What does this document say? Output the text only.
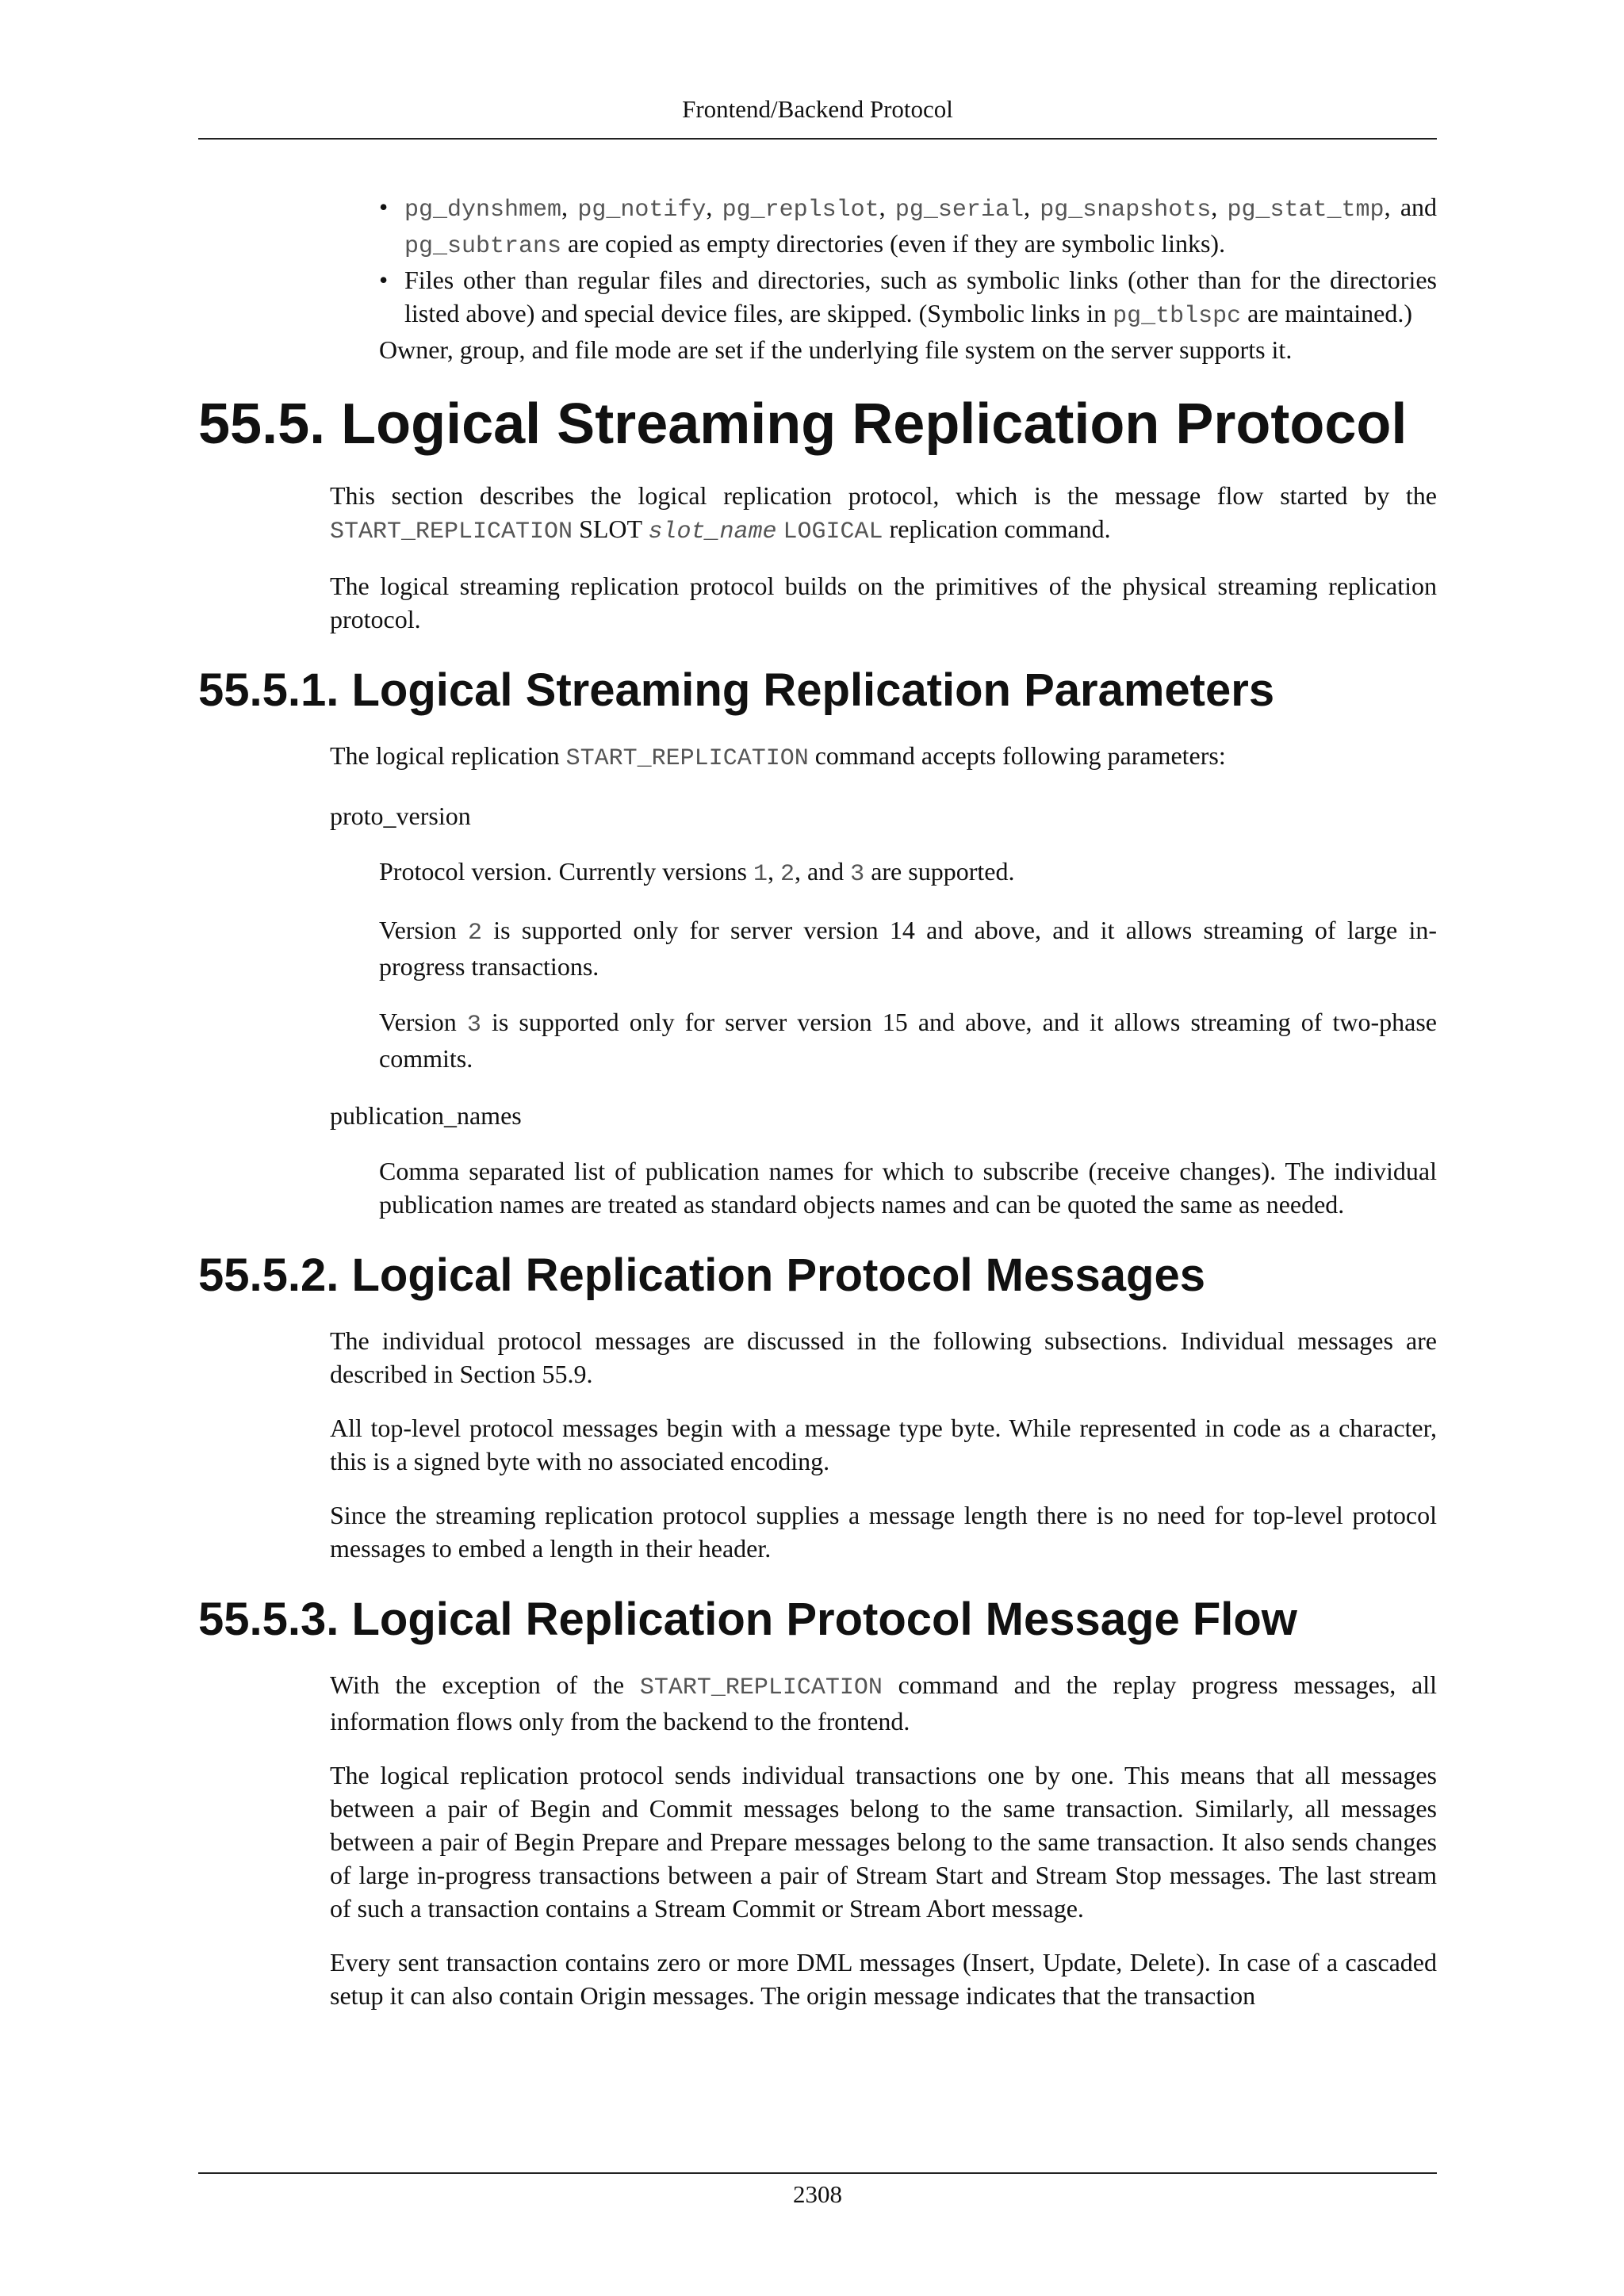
Frontend/Backend Protocol
• pg_dynshmem, pg_notify, pg_replslot, pg_serial, pg_snapshots, pg_stat_tmp, and pg_subtrans are copied as empty directories (even if they are symbolic links).
• Files other than regular files and directories, such as symbolic links (other than for the directories listed above) and special device files, are skipped. (Symbolic links in pg_tblspc are maintained.)
Owner, group, and file mode are set if the underlying file system on the server supports it.
55.5. Logical Streaming Replication Protocol
This section describes the logical replication protocol, which is the message flow started by the START_REPLICATION SLOT slot_name LOGICAL replication command.
The logical streaming replication protocol builds on the primitives of the physical streaming replication protocol.
55.5.1. Logical Streaming Replication Parameters
The logical replication START_REPLICATION command accepts following parameters:
proto_version
Protocol version. Currently versions 1, 2, and 3 are supported.
Version 2 is supported only for server version 14 and above, and it allows streaming of large in-progress transactions.
Version 3 is supported only for server version 15 and above, and it allows streaming of two-phase commits.
publication_names
Comma separated list of publication names for which to subscribe (receive changes). The individual publication names are treated as standard objects names and can be quoted the same as needed.
55.5.2. Logical Replication Protocol Messages
The individual protocol messages are discussed in the following subsections. Individual messages are described in Section 55.9.
All top-level protocol messages begin with a message type byte. While represented in code as a character, this is a signed byte with no associated encoding.
Since the streaming replication protocol supplies a message length there is no need for top-level protocol messages to embed a length in their header.
55.5.3. Logical Replication Protocol Message Flow
With the exception of the START_REPLICATION command and the replay progress messages, all information flows only from the backend to the frontend.
The logical replication protocol sends individual transactions one by one. This means that all messages between a pair of Begin and Commit messages belong to the same transaction. Similarly, all messages between a pair of Begin Prepare and Prepare messages belong to the same transaction. It also sends changes of large in-progress transactions between a pair of Stream Start and Stream Stop messages. The last stream of such a transaction contains a Stream Commit or Stream Abort message.
Every sent transaction contains zero or more DML messages (Insert, Update, Delete). In case of a cascaded setup it can also contain Origin messages. The origin message indicates that the transaction
2308
